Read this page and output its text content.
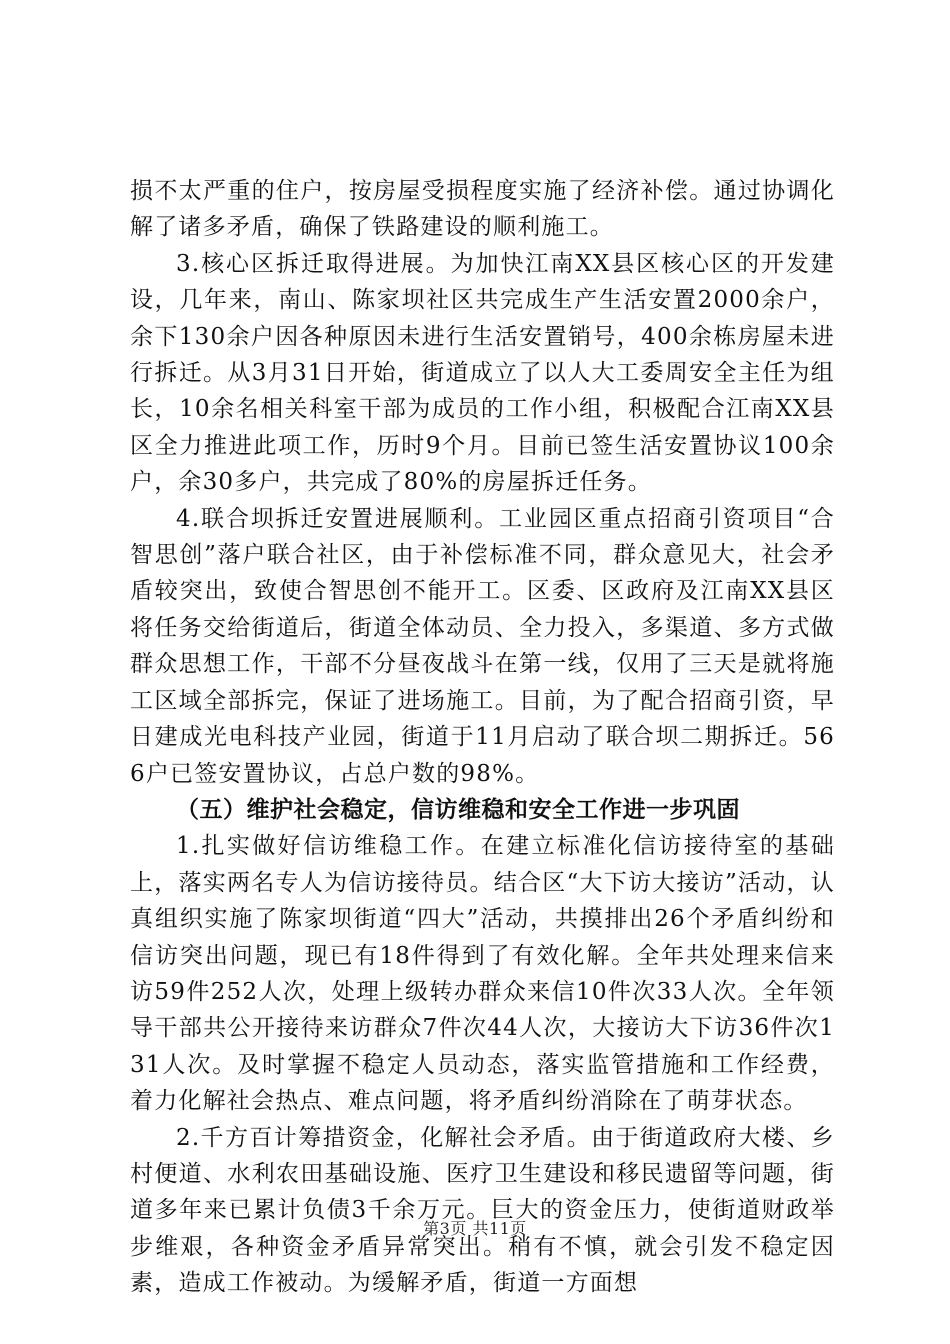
损不太严重的住户，按房屋受损程度实施了经济补偿。通过协调化解了诸多矛盾，确保了铁路建设的顺利施工。

3.核心区拆迁取得进展。为加快江南XX县区核心区的开发建设，几年来，南山、陈家坝社区共完成生产生活安置2000余户，余下130余户因各种原因未进行生活安置销号，400余栋房屋未进行拆迁。从3月31日开始，街道成立了以人大工委周安全主任为组长，10余名相关科室干部为成员的工作小组，积极配合江南XX县区全力推进此项工作，历时9个月。目前已签生活安置协议100余户，余30多户，共完成了80%的房屋拆迁任务。

4.联合坝拆迁安置进展顺利。工业园区重点招商引资项目“合智思创”落户联合社区，由于补偿标准不同，群众意见大，社会矛盾较突出，致使合智思创不能开工。区委、区政府及江南XX县区将任务交给街道后，街道全体动员、全力投入，多渠道、多方式做群众思想工作，干部不分昼夜战斗在第一线，仅用了三天是就将施工区域全部拆完，保证了进场施工。目前，为了配合招商引资，早日建成光电科技产业园，街道于11月启动了联合坝二期拆迁。566户已签安置协议，占总户数的98%。

（五）维护社会稳定，信访维稳和安全工作进一步巩固

1.扎实做好信访维稳工作。在建立标准化信访接待室的基础上，落实两名专人为信访接待员。结合区“大下访大接访”活动，认真组织实施了陈家坝街道“四大”活动，共摸排出26个矛盾纠纷和信访突出问题，现已有18件得到了有效化解。全年共处理来信来访59件252人次，处理上级转办群众来信10件次33人次。全年领导干部共公开接待来访群众7件次44人次，大接访大下访36件次131人次。及时掌握不稳定人员动态，落实监管措施和工作经费，着力化解社会热点、难点问题，将矛盾纠纷消除在了萌芽状态。

2.千方百计筹措资金，化解社会矛盾。由于街道政府大楼、乡村便道、水利农田基础设施、医疗卫生建设和移民遗留等问题，街道多年来已累计负债3千余万元。巨大的资金压力，使街道财政举步维艰，各种资金矛盾异常突出。稍有不慎，就会引发不稳定因素，造成工作被动。为缓解矛盾，街道一方面想

第3页 共11页
